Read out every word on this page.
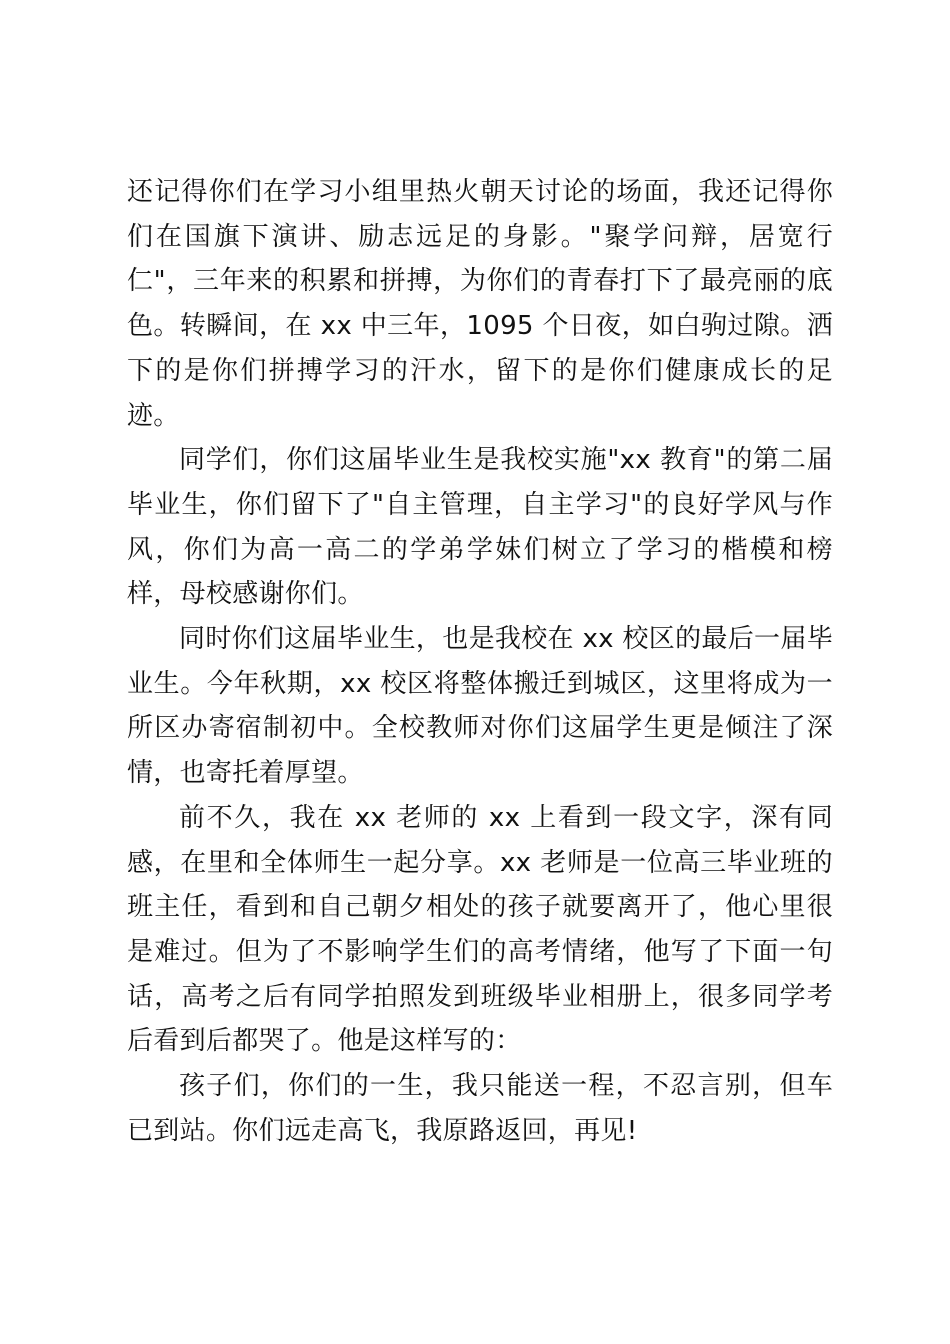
还记得你们在学习小组里热火朝天讨论的场面，我还记得你们在国旗下演讲、励志远足的身影。"聚学问辩，居宽行仁"，三年来的积累和拼搏，为你们的青春打下了最亮丽的底色。转瞬间，在 xx 中三年，1095 个日夜，如白驹过隙。洒下的是你们拼搏学习的汗水，留下的是你们健康成长的足迹。

同学们，你们这届毕业生是我校实施"xx 教育"的第二届毕业生，你们留下了"自主管理，自主学习"的良好学风与作风，你们为高一高二的学弟学妹们树立了学习的楷模和榜样，母校感谢你们。

同时你们这届毕业生，也是我校在 xx 校区的最后一届毕业生。今年秋期，xx 校区将整体搬迁到城区，这里将成为一所区办寄宿制初中。全校教师对你们这届学生更是倾注了深情，也寄托着厚望。

前不久，我在 xx 老师的 xx 上看到一段文字，深有同感，在里和全体师生一起分享。xx 老师是一位高三毕业班的班主任，看到和自己朝夕相处的孩子就要离开了，他心里很是难过。但为了不影响学生们的高考情绪，他写了下面一句话，高考之后有同学拍照发到班级毕业相册上，很多同学考后看到后都哭了。他是这样写的：

孩子们，你们的一生，我只能送一程，不忍言别，但车已到站。你们远走高飞，我原路返回，再见!
